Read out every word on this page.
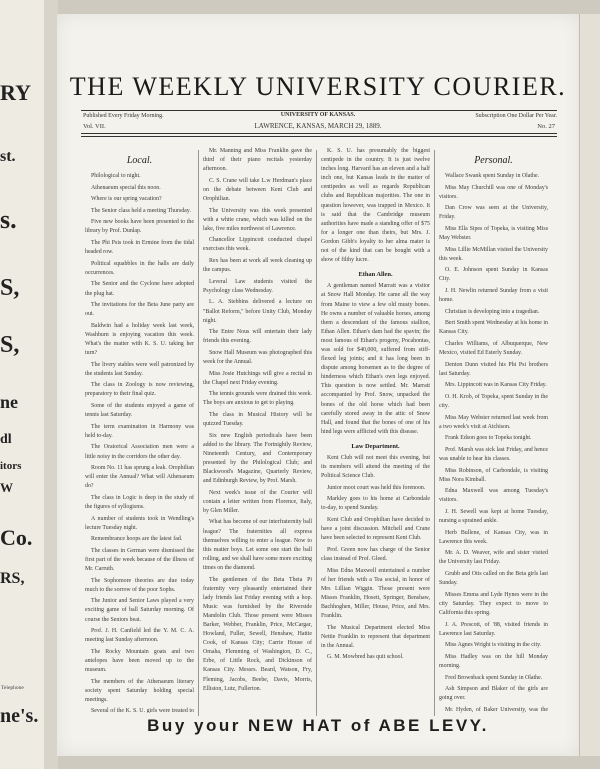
RY
st.
s.
S,
S,
ne
dl
itors
W
Co.
RS,
Telephone
ne's.
THE WEEKLY UNIVERSITY COURIER.
Published Every Friday Morning.	UNIVERSITY OF KANSAS.	Subscription One Dollar Per Year.
Vol. VII.	LAWRENCE, KANSAS, MARCH 29, 1889.	No. 27
Local.

Philological to night.

Athenaeum special this noon.

Where is our spring vacation?

The Senior class held a meeting Thursday.

Five new books have been presented to the library by Prof. Dunlap.

The Phi Psis took in Ermine from the tidal headed row.

Political squabbles in the halls are daily occurrences.

The Senior and the Cyclone have adopted the plug hat.

The invitations for the Beta June party are out.

Baldwin had a holiday week last week, Washburn is enjoying vacation this week. What's the matter with K. S. U. taking her turn?

The livery stables were well patronized by the students last Sunday.

The class in Zoology is now reviewing, preparatory to their final quiz.

Some of the students enjoyed a game of tennis last Saturday.

The term examination in Harmony was held to-day.

The Oratorical Association men were a little noisy in the corridors the other day.

Room No. 11 has sprung a leak. Orophilian will enter the Annual? What will Athenaeum do?

The class in Logic is deep in the study of the figures of syllogisms.

A number of students took in Wendling's lecture Tuesday night.

Remembrance hoops are the latest fad.

The classes in German were dismissed the first part of the week because of the illness of Mr. Carruth.

The Sophomore theories are due today much to the sorrow of the poor Sophs.

The Junior and Senior Laws played a very exciting game of ball Saturday morning. Of course the Seniors beat.

Prof. J. H. Canfield led the Y. M. C. A. meeting last Sunday afternoon.

The Rocky Mountain goats and two antelopes have been moved up to the museum.

The members of the Athenaeum literary society spent Saturday holding special meetings.

Several of the K. S. U. girls were treated to

Mr. Manning and Miss Franklin gave the third of their piano recitals yesterday afternoon.

C. S. Crane will take L.w Herdman's place on the debate between Kent Club and Orophilian.

The University was this week presented with a white crane, which was killed on the lake, five miles northwest of Lawrence.

Chancellor Lippincott conducted chapel exercises this week.

Rex has been at work all week cleaning up the campus.

Leveral Law students visited the Psychology class Wednesday.

L. A. Stebbins delivered a lecture on "Ballot Reform," before Unity Club, Monday night.

The Entre Nous will entertain their lady friends this evening.

Snow Hall Museum was photographed this week for the Annual.

Miss Josie Hutchings will give a recital in the Chapel next Friday evening.

The tennis grounds were drained this week. The boys are anxious to get to playing.

The class in Musical History will be quizzed Tuesday.

Six new English periodicals have been added to the library. The Fortnightly Review, Nineteenth Century, and Contemporary presented by the Philological Club; and Blackwood's Magazine, Quarterly Review, and Edinburgh Review, by Prof. Marsh.

Next week's issue of the Courier will contain a letter written from Florence, Italy, by Glen Miller.

What has become of our interfraternity ball league? The fraternities all express themselves willing to enter a league. Now to this matter boys. Let some one start the ball rolling, and we shall have some more exciting times on the diamond.

The gentlemen of the Beta Theta Pi fraternity very pleasantly entertained their lady friends last Friday evening with a hop. Music was furnished by the Riverside Mandolin Club. Those present were Misses Barker, Webber, Franklin, Price, McCargar, Howland, Fuller, Sewell, Henshaw, Hattie Cook, of Kansas City; Carrie House of Omaha, Flemming of Washington, D. C., Erbe, of Little Rock, and Dickinson of Kansas City. Messrs. Beard, Watson, Fry, Fleming, Jacobs, Beebe, Davis, Morris, Elliston, Lutz, Fullerton.

K. S. U. has presumably the biggest centipede in the country. It is just twelve inches long. Harvard has an eleven and a half inch one, but Kansas leads in the matter of centipedes as well as regards Republican clubs and Republican majorities. The one in question however, was trapped in Mexico. It is said that the Cambridge museum authorities have made a standing offer of $75 for a longer one than theirs, but Mrs. J. Gordon Gibb's loyalty to her alma mater is not of the kind that can be bought with a show of filthy lucre.

Ethan Allen.

A gentleman named Marratt was a visitor at Snow Hall Monday. He came all the way from Maine to view a few old musty bones. He owns a number of valuable horses, among them a descendant of the famous stallion, Ethan Allen. Ethan's dam had the spavin; the most famous of Ethan's progeny, Pocahontas, was sold for $40,000, suffered from stiff-flexed leg joints; and it has long been in dispute among horsemen as to the degree of hinderness which Ethan's own legs enjoyed. This question is now settled. Mr. Marratt accompanied by Prof. Snow, unpacked the bones of the old horse which had been carefully stored away in the attic of Snow Hall, and found that the bones of one of his hind legs were afflicted with this disease.

Law Department.

Kent Club will not meet this evening, but its members will attend the meeting of the Political Science Club.

Junior moot court was held this forenoon.

Markley goes to his home at Carbondale to-day, to spend Sunday.

Kent Club and Orophilian have decided to have a joint discussion. Mitchell and Crane have been selected to represent Kent Club.

Prof. Green now has charge of the Senior class instead of Prof. Gleed.

Miss Edna Maxwell entertained a number of her friends with a Tea social, in honor of Mrs Lillian Wiggin. Those present were Misses Franklin, Hosett, Springer, Benshaw, Bachhoghen, Miller, House, Price, and Mrs. Franklin.

The Musical Department elected Miss Nettie Franklin to represent that department in the Annual.

G. M. Mowbred has quit school.

Personal.

Wallace Swank spent Sunday in Olathe.

Miss May Churchill was one of Monday's visitors.

Dan Crow was seen at the University, Friday.

Miss Ella Sipes of Topeka, is visiting Miss May Webster.

Miss Lillie McMillan visited the University this week.

O. E. Johnson spent Sunday in Kansas City.

J. H. Newlin returned Sunday from a visit home.

Christian is developing into a tragedian.

Bert Smith spent Wednesday at his home in Kansas City.

Charles Williams, of Albuquerque, New Mexico, visited Ed Esterly Sunday.

Denton Dunn visited his Phi Psi brothers last Saturday.

Mrs. Lippincott was in Kansas City Friday.

O. H. Krob, of Topeka, spent Sunday in the city.

Miss May Webster returned last week from a two week's visit at Atchison.

Frank Edson goes to Topeka tonight.

Prof. Marsh was sick last Friday, and hence was unable to hear his classes.

Miss Robinson, of Carbondale, is visiting Miss Nora Kimball.

Edna Maxwell was among Tuesday's visitors.

J. H. Sewell was kept at home Tuesday, nursing a sprained ankle.

Herb Bullene, of Kansas City, was in Lawrence this week.

Mr. A. D. Weaver, wife and sister visited the University last Friday.

Grubb and Otis called on the Beta girls last Sunday.

Misses Emma and Lyde Hynes were in the city Saturday. They expect to move to California this spring.

J. A. Prescott, of '88, visited friends in Lawrence last Saturday.

Miss Agnes Wright is visiting in the city.

Miss Hadley was on the hill Monday morning.

Fred Brownback spent Sunday in Olathe.

Ash Simpson and Blaker of the girls are going over.

Mr. Hyden, of Baker University, was the

Buy your NEW HAT of ABE LEVY.
